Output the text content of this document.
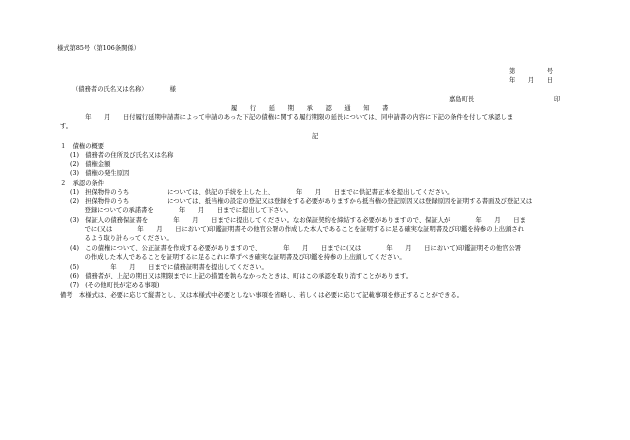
様式第85号（第106条関係）
第　　　　　号
年　　月　　日
（債務者の氏名又は名称）　　　　様
嘉島町長	印
履　　行　　延　　期　　承　　認　　通　　知　　書
　　　　年　　月　　日付履行延期申請書によって申請のあった下記の債権に関する履行期限の延長については、同申請書の内容に下記の条件を付して承認しま
す。
記
１　債権の概要
(1)　債務者の住所及び氏名又は名称
(2)　債権金額
(3)　債権の発生原因
２　承認の条件
(1)　担保物件のうち　　　　　　については、供記の手続を上した上、　　　　年　　月　　日までに供記書正本を提出してください。
(2)　担保物件のうち　　　　　　については、抵当権の設定の登記又は登録をする必要がありますから抵当権の登記原因又は登録原因を証明する書面及び登記又は
　　 登録についての承諾書を　　　　年　　月　　日までに提出して下さい。
(3)　保証人の債務保証書を　　　　年　　月　　日までに提出してください。なお保証契約を締結する必要がありますので、保証人が　　　　年　　月　　日ま
　　 でに(又は　　　　年　　月　　日において)印鑑証明書その他官公署の作成した本人であることを証明するに足る確実な証明書及び印鑑を持参の上出頭され
　　 るよう取り計らってください。
(4)　この債権について、公正証書を作成する必要がありますので、　　　　年　　月　　日までに(又は　　　　年　　月　　日において)印鑑証明その他官公署
　　 の作成した本人であることを証明するに足るこれに準ずべき確実な証明書及び印鑑を持参の上出頭してください。
(5)　　　　　年　　月　　日までに債務証明書を提出してください。
(6)　債務者が、上記の期日又は期限までに上記の措置を執らなかったときは、町はこの承認を取り消すことがあります。
(7)　(その他町長が定める事項)
備考　本様式は、必要に応じて縦書とし、又は本様式中必要としない事項を省略し、若しくは必要に応じて記載事項を修正することができる。
